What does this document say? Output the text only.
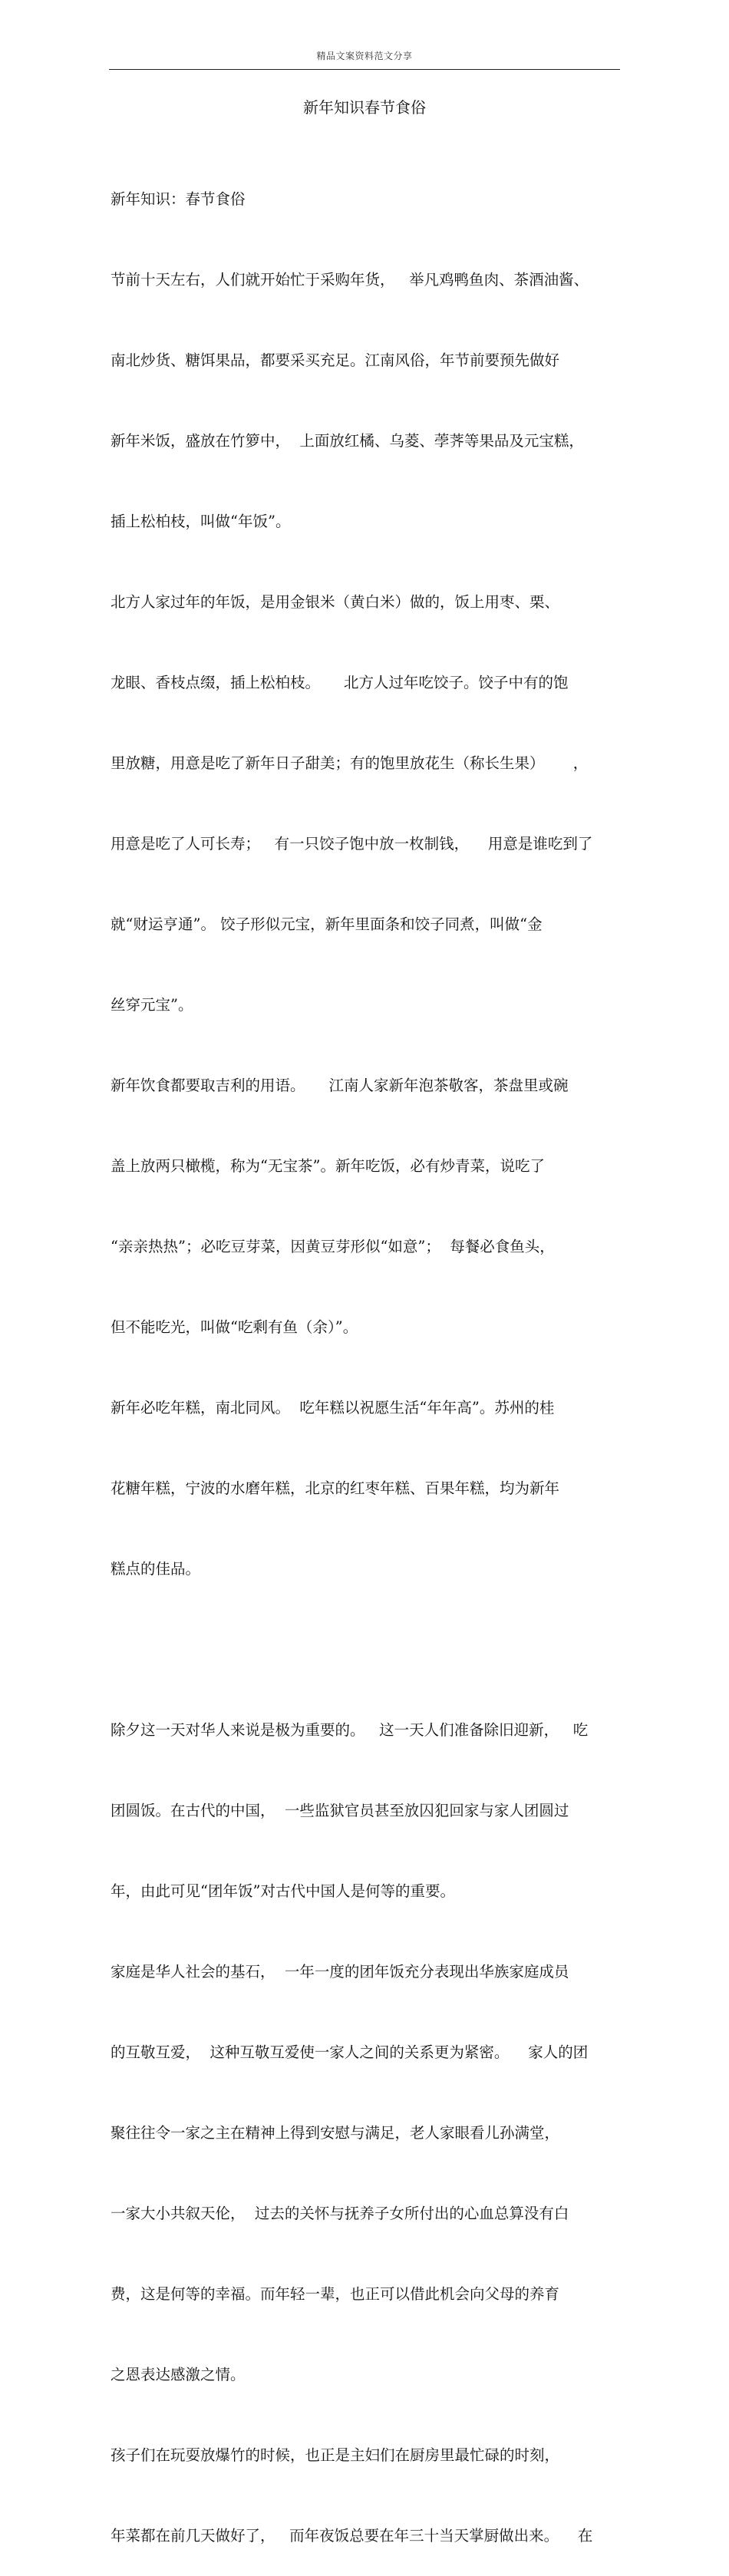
精品文案资料范文分享
新年知识春节食俗

新年知识：春节食俗

节前十天左右，人们就开始忙于采购年货，   举凡鸡鸭鱼肉、茶酒油酱、

南北炒货、糖饵果品，都要采买充足。江南风俗，年节前要预先做好

新年米饭，盛放在竹箩中，  上面放红橘、乌菱、荸荠等果品及元宝糕，

插上松柏枝，叫做“年饭”。

北方人家过年的年饭，是用金银米（黄白米）做的，饭上用枣、栗、

龙眼、香枝点缀，插上松柏枝。     北方人过年吃饺子。饺子中有的饱

里放糖，用意是吃了新年日子甜美；有的饱里放花生（称长生果）      ，

用意是吃了人可长寿；   有一只饺子饱中放一枚制钱，    用意是谁吃到了

就“财运亨通”。 饺子形似元宝，新年里面条和饺子同煮，叫做“金

丝穿元宝”。

新年饮食都要取吉利的用语。     江南人家新年泡茶敬客，茶盘里或碗

盖上放两只橄榄，称为“无宝茶”。新年吃饭，必有炒青菜，说吃了

“亲亲热热”；必吃豆芽菜，因黄豆芽形似“如意”；  每餐必食鱼头，

但不能吃光，叫做“吃剩有鱼（余）”。

新年必吃年糕，南北同风。  吃年糕以祝愿生活“年年高”。苏州的桂

花糖年糕，宁波的水磨年糕，北京的红枣年糕、百果年糕，均为新年

糕点的佳品。

除夕这一天对华人来说是极为重要的。   这一天人们准备除旧迎新，   吃

团圆饭。在古代的中国，  一些监狱官员甚至放囚犯回家与家人团圆过

年，由此可见“团年饭”对古代中国人是何等的重要。

家庭是华人社会的基石，  一年一度的团年饭充分表现出华族家庭成员

的互敬互爱，  这种互敬互爱使一家人之间的关系更为紧密。    家人的团

聚往往令一家之主在精神上得到安慰与满足，老人家眼看儿孙满堂，

一家大小共叙天伦，  过去的关怀与抚养子女所付出的心血总算没有白

费，这是何等的幸福。而年轻一辈，也正可以借此机会向父母的养育

之恩表达感激之情。

孩子们在玩耍放爆竹的时候，也正是主妇们在厨房里最忙碌的时刻，

年菜都在前几天做好了，   而年夜饭总要在年三十当天掌厨做出来。    在
